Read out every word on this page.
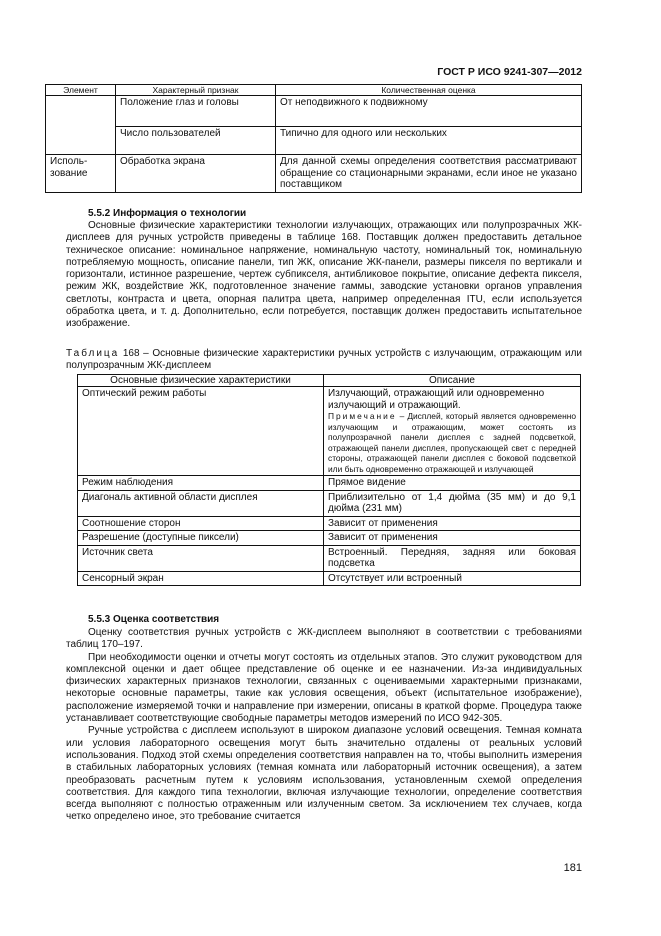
ГОСТ Р ИСО 9241-307—2012
Элемент	Характерный признак	Количественная оценка
	Положение глаз и головы	От неподвижного к подвижному
	Число пользователей	Типично для одного или нескольких
Исполь-зование	Обработка экрана	Для данной схемы определения соответствия рассматривают обращение со стационарными экранами, если иное не указано поставщиком
5.5.2 Информация о технологии

Основные физические характеристики технологии излучающих, отражающих или полупрозрачных ЖК-дисплеев для ручных устройств приведены в таблице 168. Поставщик должен предоставить детальное техническое описание: номинальное напряжение, номинальную частоту, номинальный ток, номинальную потребляемую мощность, описание панели, тип ЖК, описание ЖК-панели, размеры пикселя по вертикали и горизонтали, истинное разрешение, чертеж субпикселя, антибликовое покрытие, описание дефекта пикселя, режим ЖК, воздействие ЖК, подготовленное значение гаммы, заводские установки органов управления светлоты, контраста и цвета, опорная палитра цвета, например определенная ITU, если используется обработка цвета, и т. д. Дополнительно, если потребуется, поставщик должен предоставить испытательное изображение.

Таблица 168 – Основные физические характеристики ручных устройств с излучающим, отражающим или полупрозрачным ЖК-дисплеем
Основные физические характеристики	Описание
Оптический режим работы	Излучающий, отражающий или одновременно излучающий и отражающий.
Примечание – Дисплей, который является одновременно излучающим и отражающим, может состоять из полупрозрачной панели дисплея с задней подсветкой, отражающей панели дисплея, пропускающей свет с передней стороны, отражающей панели дисплея с боковой подсветкой или быть одновременно отражающей и излучающей

Режим наблюдения	Прямое видение
Диагональ активной области дисплея	Приблизительно от 1,4 дюйма (35 мм) и до 9,1 дюйма (231 мм)
Соотношение сторон	Зависит от применения
Разрешение (доступные пиксели)	Зависит от применения
Источник света	Встроенный. Передняя, задняя или боковая подсветка
Сенсорный экран	Отсутствует или встроенный
5.5.3 Оценка соответствия

Оценку соответствия ручных устройств с ЖК-дисплеем выполняют в соответствии с требованиями таблиц 170–197.

При необходимости оценки и отчеты могут состоять из отдельных этапов. Это служит руководством для комплексной оценки и дает общее представление об оценке и ее назначении. Из-за индивидуальных физических характерных признаков технологии, связанных с оцениваемыми характерными признаками, некоторые основные параметры, такие как условия освещения, объект (испытательное изображение), расположение измеряемой точки и направление при измерении, описаны в краткой форме. Процедура также устанавливает соответствующие свободные параметры методов измерений по ИСО 942-305.

Ручные устройства с дисплеем используют в широком диапазоне условий освещения. Темная комната или условия лабораторного освещения могут быть значительно отдалены от реальных условий использования. Подход этой схемы определения соответствия направлен на то, чтобы выполнить измерения в стабильных лабораторных условиях (темная комната или лабораторный источник освещения), а затем преобразовать расчетным путем к условиям использования, установленным схемой определения соответствия. Для каждого типа технологии, включая излучающие технологии, определение соответствия всегда выполняют с полностью отраженным или излученным светом. За исключением тех случаев, когда четко определено иное, это требование считается

181
